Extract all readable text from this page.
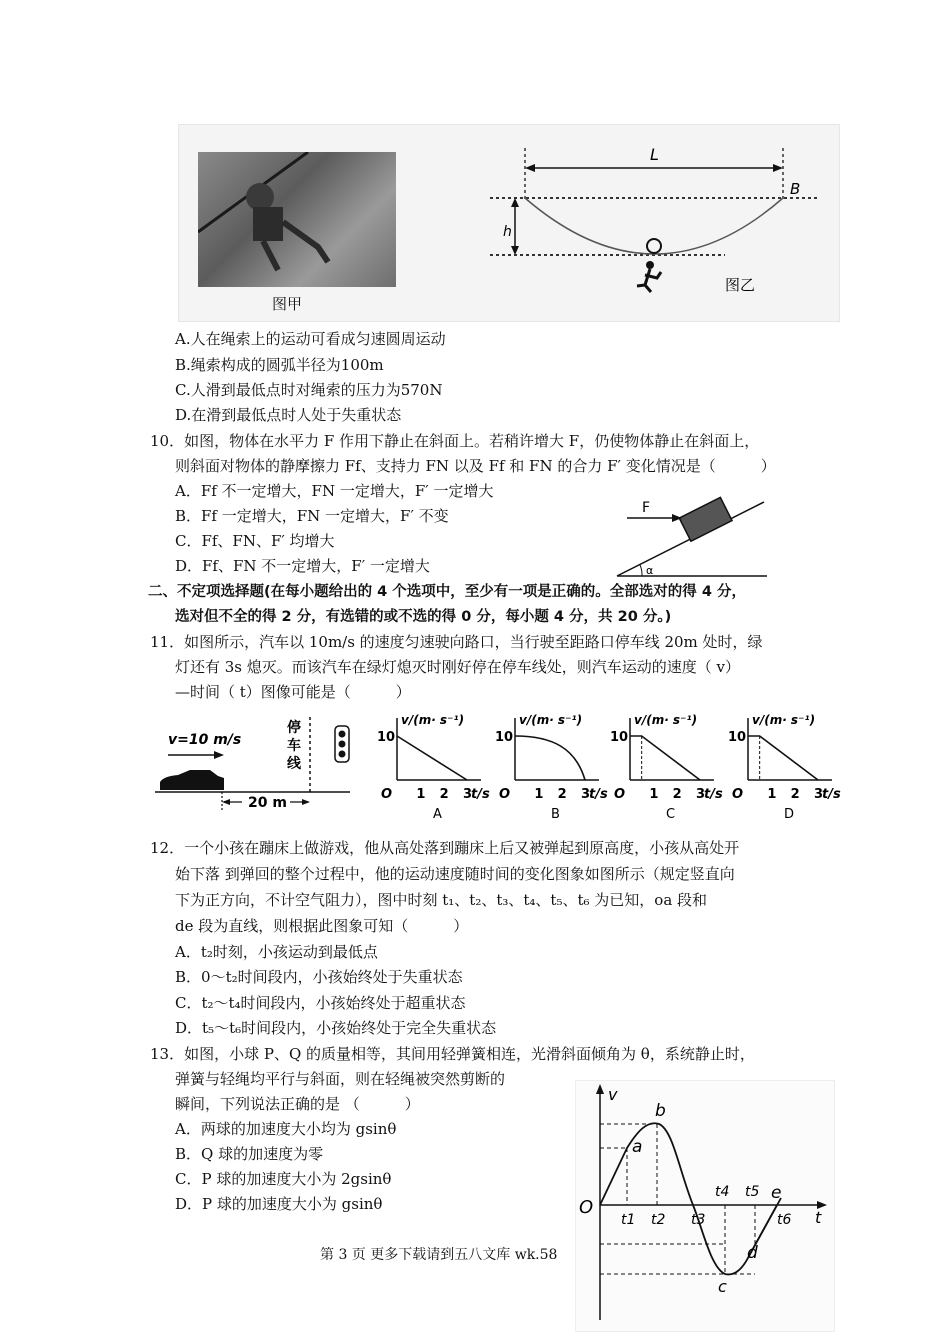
图甲
L
B
h
图乙
A.人在绳索上的运动可看成匀速圆周运动
B.绳索构成的圆弧半径为100m
C.人滑到最低点时对绳索的压力为570N
D.在滑到最低点时人处于失重状态
10．如图，物体在水平力 F 作用下静止在斜面上。若稍许增大 F，仍使物体静止在斜面上，
则斜面对物体的静摩擦力 Ff、支持力 FN 以及 Ff 和 FN 的合力 F′ 变化情况是（　　　）
A．Ff 不一定增大，FN 一定增大，F′ 一定增大
B．Ff 一定增大，FN 一定增大，F′ 不变
C．Ff、FN、F′ 均增大
D．Ff、FN 不一定增大，F′ 一定增大
F
α
二、不定项选择题(在每小题给出的 4 个选项中，至少有一项是正确的。全部选对的得 4 分，
选对但不全的得 2 分，有选错的或不选的得 0 分，每小题 4 分，共 20 分。)
11．如图所示，汽车以 10m/s 的速度匀速驶向路口，当行驶至距路口停车线 20m 处时，绿
灯还有 3s 熄灭。而该汽车在绿灯熄灭时刚好停在停车线处，则汽车运动的速度（ v）
—时间（ t）图像可能是（　　　）
v=10 m/s
停
车
线
20 m
v/(m· s⁻¹)
10
O 1 2 3
t/s
A
v/(m· s⁻¹)
10
O 1 2 3
t/s
B
v/(m· s⁻¹)
10
O 1 2 3
t/s
C
v/(m· s⁻¹)
10
O 1 2 3
t/s
D
12．一个小孩在蹦床上做游戏，他从高处落到蹦床上后又被弹起到原高度，小孩从高处开
始下落 到弹回的整个过程中，他的运动速度随时间的变化图象如图所示（规定竖直向
下为正方向，不计空气阻力），图中时刻 t₁、t₂、t₃、t₄、t₅、t₆ 为已知，oa 段和
de 段为直线，则根据此图象可知（　　　）
A．t₂时刻，小孩运动到最低点
B．0～t₂时间段内，小孩始终处于失重状态
C．t₂～t₄时间段内，小孩始终处于超重状态
D．t₅～t₆时间段内，小孩始终处于完全失重状态
13．如图，小球 P、Q 的质量相等，其间用轻弹簧相连，光滑斜面倾角为 θ，系统静止时，
弹簧与轻绳均平行与斜面，则在轻绳被突然剪断的
瞬间，下列说法正确的是 （　　　）
A．两球的加速度大小均为 gsinθ
B．Q 球的加速度为零
C．P 球的加速度大小为 2gsinθ
D．P 球的加速度大小为 gsinθ
v
t
O
a
b
c
d
e
t1 t2 t3
t4 t5
t6
第 3 页 更多下载请到五八文库 wk.58
